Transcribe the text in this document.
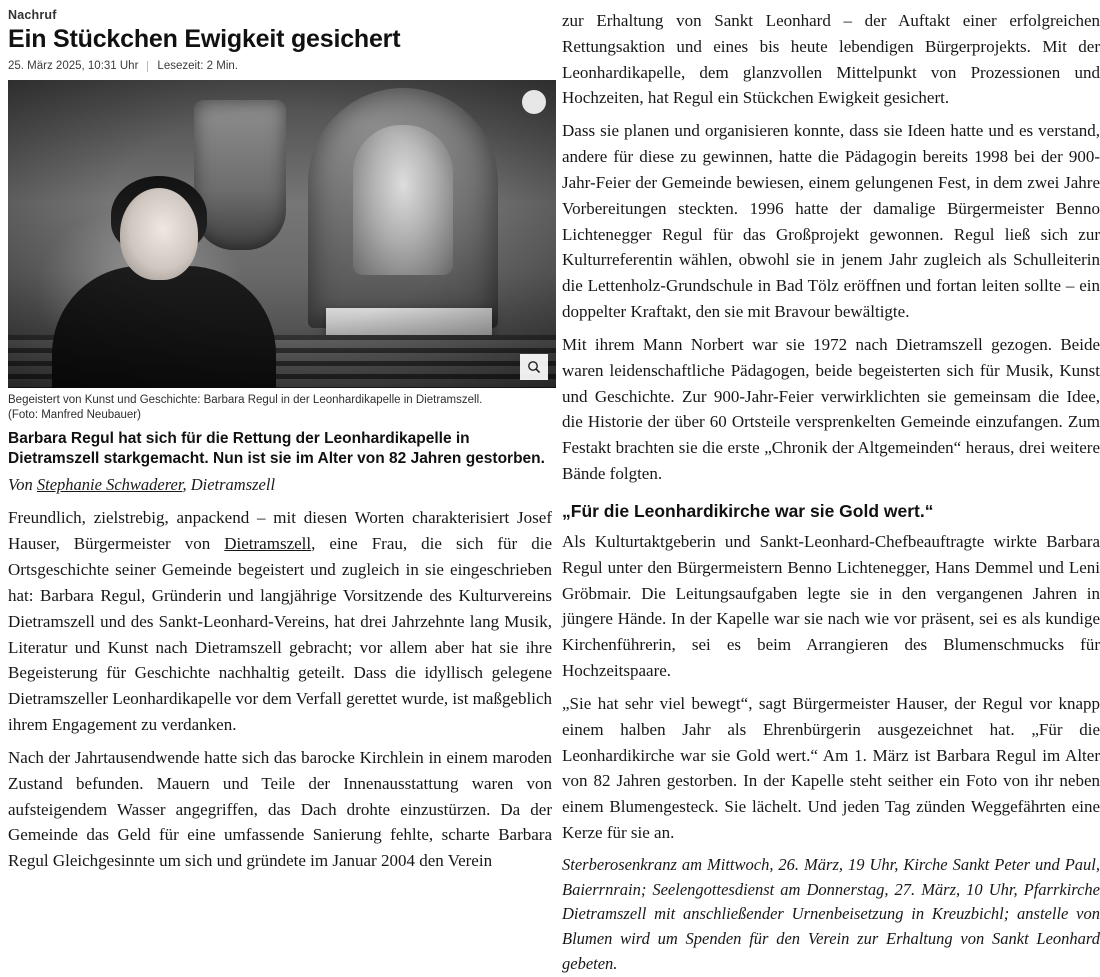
Nachruf
Ein Stückchen Ewigkeit gesichert
25. März 2025, 10:31 Uhr Lesezeit: 2 Min.
Begeistert von Kunst und Geschichte: Barbara Regul in der Leonhardikapelle in Dietramszell.
(Foto: Manfred Neubauer)
Barbara Regul hat sich für die Rettung der Leonhardikapelle in Dietramszell starkgemacht. Nun ist sie im Alter von 82 Jahren gestorben.
Von Stephanie Schwaderer, Dietramszell

Freundlich, zielstrebig, anpackend – mit diesen Worten charakterisiert Josef Hauser, Bürgermeister von Dietramszell, eine Frau, die sich für die Ortsgeschichte seiner Gemeinde begeistert und zugleich in sie eingeschrieben hat: Barbara Regul, Gründerin und langjährige Vorsitzende des Kulturvereins Dietramszell und des Sankt-Leonhard-Vereins, hat drei Jahrzehnte lang Musik, Literatur und Kunst nach Dietramszell gebracht; vor allem aber hat sie ihre Begeisterung für Geschichte nachhaltig geteilt. Dass die idyllisch gelegene Dietramszeller Leonhardikapelle vor dem Verfall gerettet wurde, ist maßgeblich ihrem Engagement zu verdanken.

Nach der Jahrtausendwende hatte sich das barocke Kirchlein in einem maroden Zustand befunden. Mauern und Teile der Innenausstattung waren von aufsteigendem Wasser angegriffen, das Dach drohte einzustürzen. Da der Gemeinde das Geld für eine umfassende Sanierung fehlte, scharte Barbara Regul Gleichgesinnte um sich und gründete im Januar 2004 den Verein

zur Erhaltung von Sankt Leonhard – der Auftakt einer erfolgreichen Rettungsaktion und eines bis heute lebendigen Bürgerprojekts. Mit der Leonhardikapelle, dem glanzvollen Mittelpunkt von Prozessionen und Hochzeiten, hat Regul ein Stückchen Ewigkeit gesichert.

Dass sie planen und organisieren konnte, dass sie Ideen hatte und es verstand, andere für diese zu gewinnen, hatte die Pädagogin bereits 1998 bei der 900-Jahr-Feier der Gemeinde bewiesen, einem gelungenen Fest, in dem zwei Jahre Vorbereitungen steckten. 1996 hatte der damalige Bürgermeister Benno Lichtenegger Regul für das Großprojekt gewonnen. Regul ließ sich zur Kulturreferentin wählen, obwohl sie in jenem Jahr zugleich als Schulleiterin die Lettenholz-Grundschule in Bad Tölz eröffnen und fortan leiten sollte – ein doppelter Kraftakt, den sie mit Bravour bewältigte.

Mit ihrem Mann Norbert war sie 1972 nach Dietramszell gezogen. Beide waren leidenschaftliche Pädagogen, beide begeisterten sich für Musik, Kunst und Geschichte. Zur 900-Jahr-Feier verwirklichten sie gemeinsam die Idee, die Historie der über 60 Ortsteile versprenkelten Gemeinde einzufangen. Zum Festakt brachten sie die erste „Chronik der Altgemeinden“ heraus, drei weitere Bände folgten.

„Für die Leonhardikirche war sie Gold wert.“

Als Kulturtaktgeberin und Sankt-Leonhard-Chefbeauftragte wirkte Barbara Regul unter den Bürgermeistern Benno Lichtenegger, Hans Demmel und Leni Gröbmair. Die Leitungsaufgaben legte sie in den vergangenen Jahren in jüngere Hände. In der Kapelle war sie nach wie vor präsent, sei es als kundige Kirchenführerin, sei es beim Arrangieren des Blumenschmucks für Hochzeitspaare.

„Sie hat sehr viel bewegt“, sagt Bürgermeister Hauser, der Regul vor knapp einem halben Jahr als Ehrenbürgerin ausgezeichnet hat. „Für die Leonhardikirche war sie Gold wert.“ Am 1. März ist Barbara Regul im Alter von 82 Jahren gestorben. In der Kapelle steht seither ein Foto von ihr neben einem Blumengesteck. Sie lächelt. Und jeden Tag zünden Weggefährten eine Kerze für sie an.

Sterberosenkranz am Mittwoch, 26. März, 19 Uhr, Kirche Sankt Peter und Paul, Baierrnrain; Seelengottesdienst am Donnerstag, 27. März, 10 Uhr, Pfarrkirche Dietramszell mit anschließender Urnenbeisetzung in Kreuzbichl; anstelle von Blumen wird um Spenden für den Verein zur Erhaltung von Sankt Leonhard gebeten.
